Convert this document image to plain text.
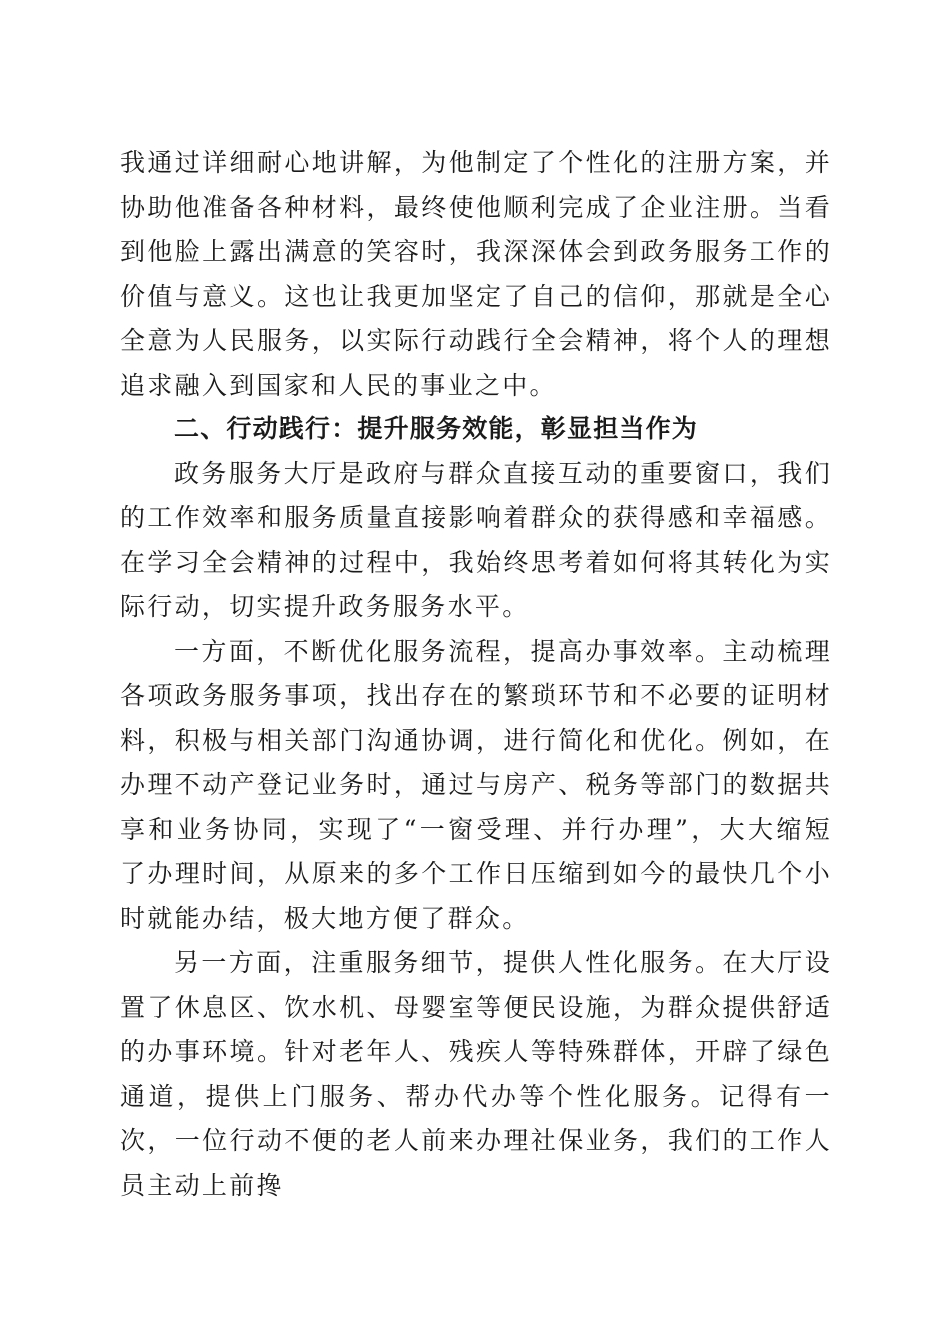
我通过详细耐心地讲解，为他制定了个性化的注册方案，并协助他准备各种材料，最终使他顺利完成了企业注册。当看到他脸上露出满意的笑容时，我深深体会到政务服务工作的价值与意义。这也让我更加坚定了自己的信仰，那就是全心全意为人民服务，以实际行动践行全会精神，将个人的理想追求融入到国家和人民的事业之中。

二、行动践行：提升服务效能，彰显担当作为

政务服务大厅是政府与群众直接互动的重要窗口，我们的工作效率和服务质量直接影响着群众的获得感和幸福感。在学习全会精神的过程中，我始终思考着如何将其转化为实际行动，切实提升政务服务水平。

一方面，不断优化服务流程，提高办事效率。主动梳理各项政务服务事项，找出存在的繁琐环节和不必要的证明材料，积极与相关部门沟通协调，进行简化和优化。例如，在办理不动产登记业务时，通过与房产、税务等部门的数据共享和业务协同，实现了“一窗受理、并行办理”，大大缩短了办理时间，从原来的多个工作日压缩到如今的最快几个小时就能办结，极大地方便了群众。

另一方面，注重服务细节，提供人性化服务。在大厅设置了休息区、饮水机、母婴室等便民设施，为群众提供舒适的办事环境。针对老年人、残疾人等特殊群体，开辟了绿色通道，提供上门服务、帮办代办等个性化服务。记得有一次，一位行动不便的老人前来办理社保业务，我们的工作人员主动上前搀
